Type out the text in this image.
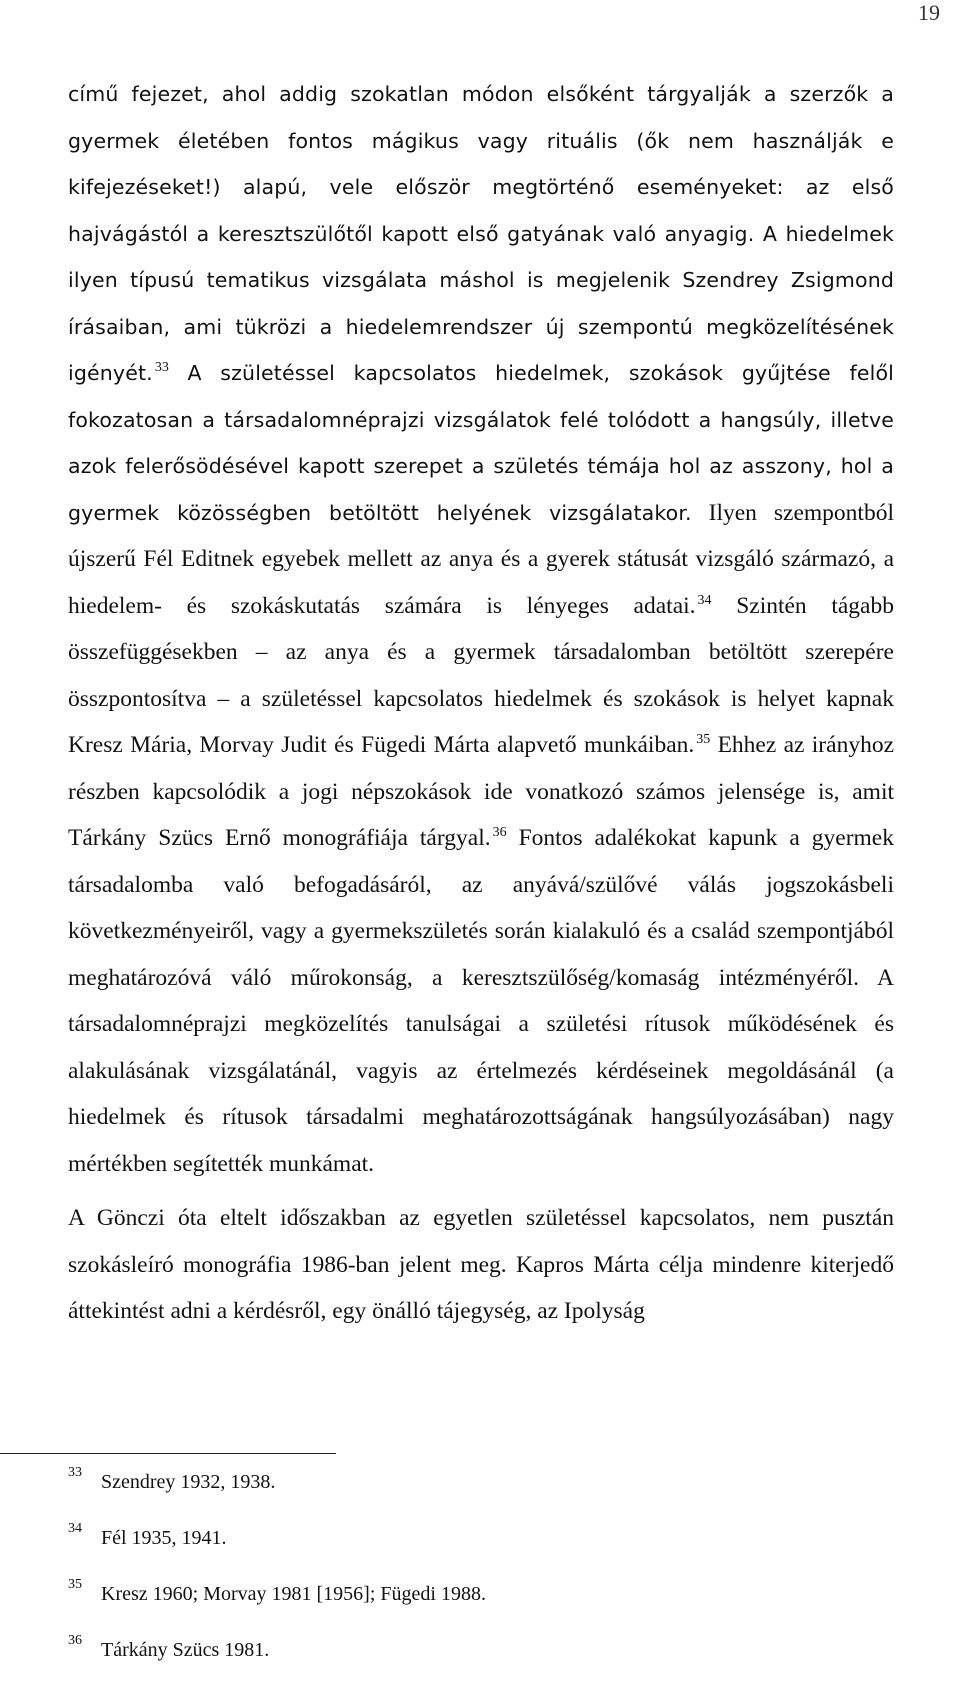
19

című fejezet, ahol addig szokatlan módon elsőként tárgyalják a szerzők a gyermek életében fontos mágikus vagy rituális (ők nem használják e kifejezéseket!) alapú, vele először megtörténő eseményeket: az első hajvágástól a keresztszülőtől kapott első gatyának való anyagig. A hiedelmek ilyen típusú tematikus vizsgálata máshol is megjelenik Szendrey Zsigmond írásaiban, ami tükrözi a hiedelemrendszer új szempontú megközelítésének igényét. $^{33}$ A születéssel kapcsolatos hiedelmek, szokások gyűjtése felől fokozatosan a társadalomnéprajzi vizsgálatok felé tolódott a hangsúly, illetve azok felerősödésével kapott szerepet a születés témája hol az asszony, hol a gyermek közösségben betöltött helyének vizsgálatakor. Ilyen szempontból újszerű Fél Editnek egyebek mellett az anya és a gyerek státusát vizsgáló származó, a hiedelem- és szokáskutatás számára is lényeges adatai. $^{34}$ Szintén tágabb összefüggésekben – az anya és a gyermek társadalomban betöltött szerepére összpontosítva – a születéssel kapcsolatos hiedelmek és szokások is helyet kapnak Kresz Mária, Morvay Judit és Fügedi Márta alapvető munkáiban. $^{35}$ Ehhez az irányhoz részben kapcsolódik a jogi népszokások ide vonatkozó számos jelensége is, amit Tárkány Szücs Ernő monográfiája tárgyal. $^{36}$ Fontos adalékokat kapunk a gyermek társadalomba való befogadásáról, az anyává/szülővé válás jogszokásbeli következményeiről, vagy a gyermekszületés során kialakuló és a család szempontjából meghatározóvá váló műrokonság, a keresztszülőség/komaság intézményéről. A társadalomnéprajzi megközelítés tanulságai a születési rítusok működésének és alakulásának vizsgálatánál, vagyis az értelmezés kérdéseinek megoldásánál (a hiedelmek és rítusok társadalmi meghatározottságának hangsúlyozásában) nagy mértékben segítették munkámat.

A Gönczi óta eltelt időszakban az egyetlen születéssel kapcsolatos, nem pusztán szokásleíró monográfia 1986-ban jelent meg. Kapros Márta célja mindenre kiterjedő áttekintést adni a kérdésről, egy önálló tájegység, az Ipolyság

33 Szendrey 1932, 1938.
34 Fél 1935, 1941.
35 Kresz 1960; Morvay 1981 [1956]; Fügedi 1988.
36 Tárkány Szücs 1981.
